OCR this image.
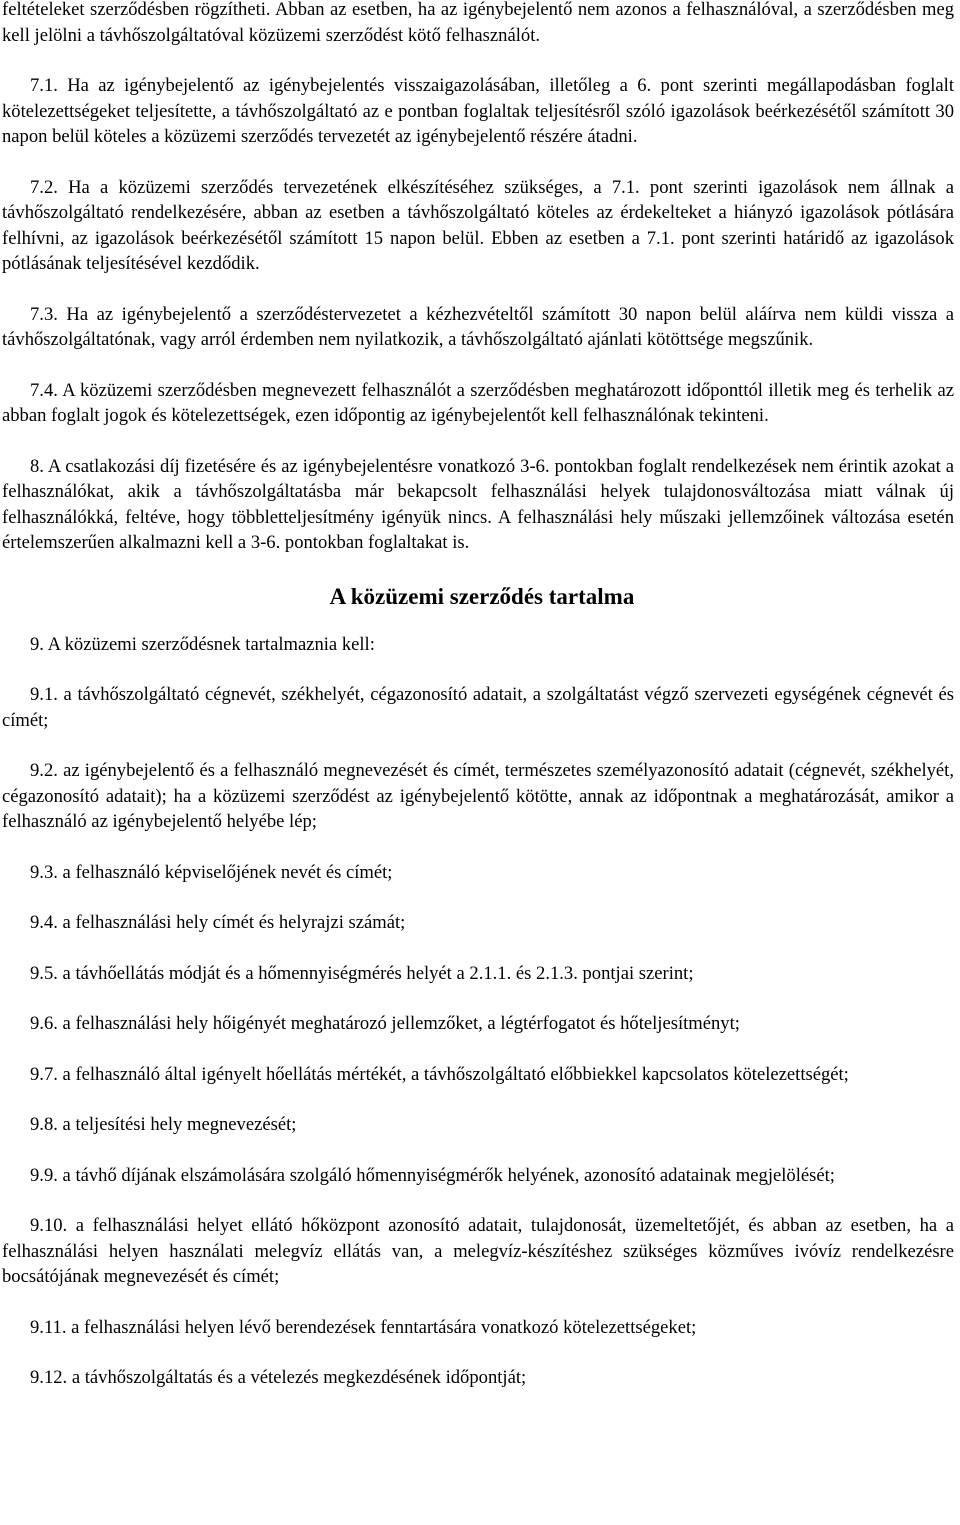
feltételeket szerződésben rögzítheti. Abban az esetben, ha az igénybejelentő nem azonos a felhasználóval, a szerződésben meg kell jelölni a távhőszolgáltatóval közüzemi szerződést kötő felhasználót.

7.1. Ha az igénybejelentő az igénybejelentés visszaigazolásában, illetőleg a 6. pont szerinti megállapodásban foglalt kötelezettségeket teljesítette, a távhőszolgáltató az e pontban foglaltak teljesítésről szóló igazolások beérkezésétől számított 30 napon belül köteles a közüzemi szerződés tervezetét az igénybejelentő részére átadni.

7.2. Ha a közüzemi szerződés tervezetének elkészítéséhez szükséges, a 7.1. pont szerinti igazolások nem állnak a távhőszolgáltató rendelkezésére, abban az esetben a távhőszolgáltató köteles az érdekelteket a hiányzó igazolások pótlására felhívni, az igazolások beérkezésétől számított 15 napon belül. Ebben az esetben a 7.1. pont szerinti határidő az igazolások pótlásának teljesítésével kezdődik.

7.3. Ha az igénybejelentő a szerződéstervezetet a kézhezvételtől számított 30 napon belül aláírva nem küldi vissza a távhőszolgáltatónak, vagy arról érdemben nem nyilatkozik, a távhőszolgáltató ajánlati kötöttsége megszűnik.

7.4. A közüzemi szerződésben megnevezett felhasználót a szerződésben meghatározott időponttól illetik meg és terhelik az abban foglalt jogok és kötelezettségek, ezen időpontig az igénybejelentőt kell felhasználónak tekinteni.

8. A csatlakozási díj fizetésére és az igénybejelentésre vonatkozó 3-6. pontokban foglalt rendelkezések nem érintik azokat a felhasználókat, akik a távhőszolgáltatásba már bekapcsolt felhasználási helyek tulajdonosváltozása miatt válnak új felhasználókká, feltéve, hogy többletteljesítmény igényük nincs. A felhasználási hely műszaki jellemzőinek változása esetén értelemszerűen alkalmazni kell a 3-6. pontokban foglaltakat is.

A közüzemi szerződés tartalma

9. A közüzemi szerződésnek tartalmaznia kell:

9.1. a távhőszolgáltató cégnevét, székhelyét, cégazonosító adatait, a szolgáltatást végző szervezeti egységének cégnevét és címét;

9.2. az igénybejelentő és a felhasználó megnevezését és címét, természetes személyazonosító adatait (cégnevét, székhelyét, cégazonosító adatait); ha a közüzemi szerződést az igénybejelentő kötötte, annak az időpontnak a meghatározását, amikor a felhasználó az igénybejelentő helyébe lép;

9.3. a felhasználó képviselőjének nevét és címét;

9.4. a felhasználási hely címét és helyrajzi számát;

9.5. a távhőellátás módját és a hőmennyiségmérés helyét a 2.1.1. és 2.1.3. pontjai szerint;

9.6. a felhasználási hely hőigényét meghatározó jellemzőket, a légtérfogatot és hőteljesítményt;

9.7. a felhasználó által igényelt hőellátás mértékét, a távhőszolgáltató előbbiekkel kapcsolatos kötelezettségét;

9.8. a teljesítési hely megnevezését;

9.9. a távhő díjának elszámolására szolgáló hőmennyiségmérők helyének, azonosító adatainak megjelölését;

9.10. a felhasználási helyet ellátó hőközpont azonosító adatait, tulajdonosát, üzemeltetőjét, és abban az esetben, ha a felhasználási helyen használati melegvíz ellátás van, a melegvíz-készítéshez szükséges közműves ivóvíz rendelkezésre bocsátójának megnevezését és címét;

9.11. a felhasználási helyen lévő berendezések fenntartására vonatkozó kötelezettségeket;

9.12. a távhőszolgáltatás és a vételezés megkezdésének időpontját;
